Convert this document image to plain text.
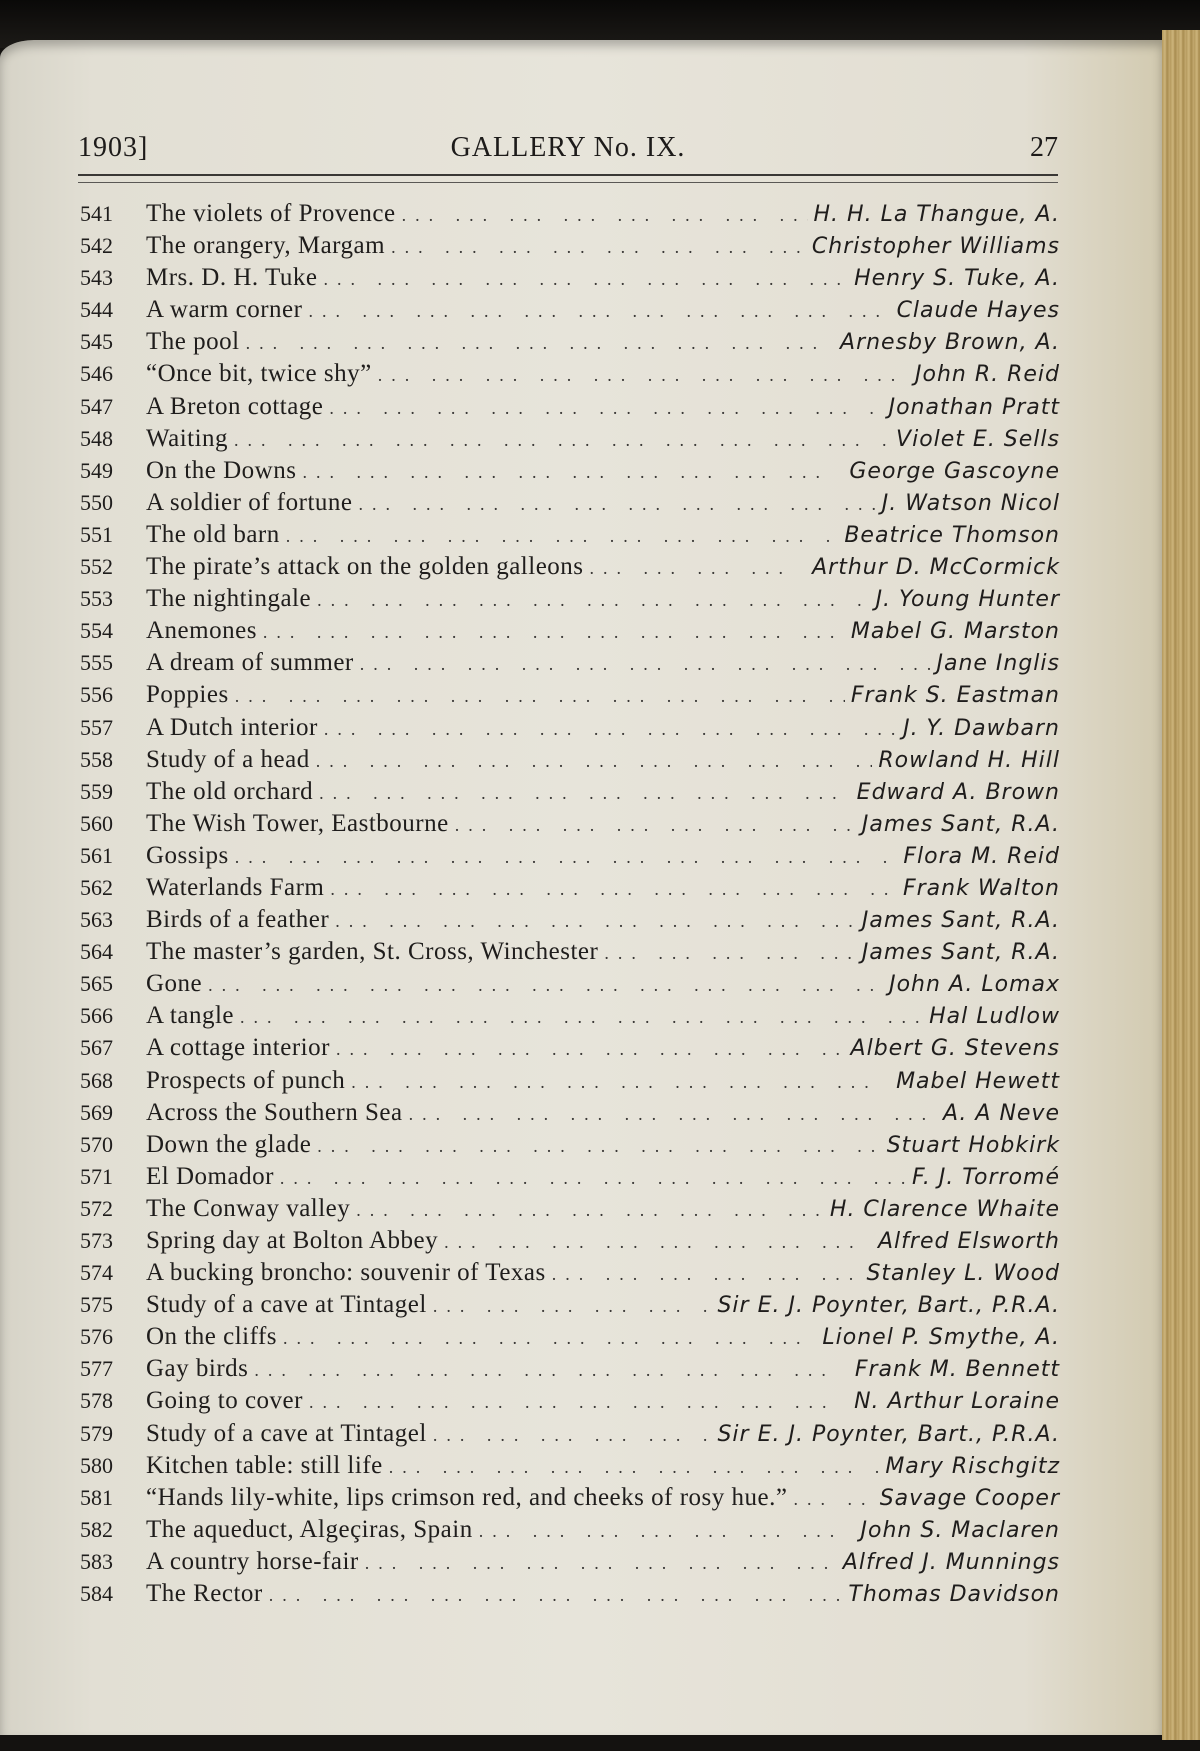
1903]	GALLERY No. IX.	27
541	The violets of Provence ... .	H. H. La Thangue, A.
542	The orangery, Margam ... .	Christopher Williams
543	Mrs. D. H. Tuke ... .	Henry S. Tuke, A.
544	A warm corner ... .	Claude Hayes
545	The pool ... .	Arnesby Brown, A.
546	“Once bit, twice shy” ... .	John R. Reid
547	A Breton cottage ... .	Jonathan Pratt
548	Waiting ... .	Violet E. Sells
549	On the Downs ... .	George Gascoyne
550	A soldier of fortune ... .	J. Watson Nicol
551	The old barn ... .	Beatrice Thomson
552	The pirate’s attack on the golden galleons ... .	Arthur D. McCormick
553	The nightingale ... .	J. Young Hunter
554	Anemones ... .	Mabel G. Marston
555	A dream of summer ... .	Jane Inglis
556	Poppies ... .	Frank S. Eastman
557	A Dutch interior ... .	J. Y. Dawbarn
558	Study of a head ... .	Rowland H. Hill
559	The old orchard ... .	Edward A. Brown
560	The Wish Tower, Eastbourne ... .	James Sant, R.A.
561	Gossips ... .	Flora M. Reid
562	Waterlands Farm ... .	Frank Walton
563	Birds of a feather ... .	James Sant, R.A.
564	The master’s garden, St. Cross, Winchester ... .	James Sant, R.A.
565	Gone ... .	John A. Lomax
566	A tangle ... .	Hal Ludlow
567	A cottage interior ... .	Albert G. Stevens
568	Prospects of punch ... .	Mabel Hewett
569	Across the Southern Sea ... .	A. A Neve
570	Down the glade ... .	Stuart Hobkirk
571	El Domador ... .	F. J. Torromé
572	The Conway valley ... .	H. Clarence Whaite
573	Spring day at Bolton Abbey ... .	Alfred Elsworth
574	A bucking broncho: souvenir of Texas ... .	Stanley L. Wood
575	Study of a cave at Tintagel ... .	Sir E. J. Poynter, Bart., P.R.A.
576	On the cliffs ... .	Lionel P. Smythe, A.
577	Gay birds ... .	Frank M. Bennett
578	Going to cover ... .	N. Arthur Loraine
579	Study of a cave at Tintagel ... .	Sir E. J. Poynter, Bart., P.R.A.
580	Kitchen table: still life ... .	Mary Rischgitz
581	“Hands lily-white, lips crimson red, and cheeks of rosy hue.” ... .	Savage Cooper
582	The aqueduct, Algeçiras, Spain ... .	John S. Maclaren
583	A country horse-fair ... .	Alfred J. Munnings
584	The Rector ... .	Thomas Davidson
